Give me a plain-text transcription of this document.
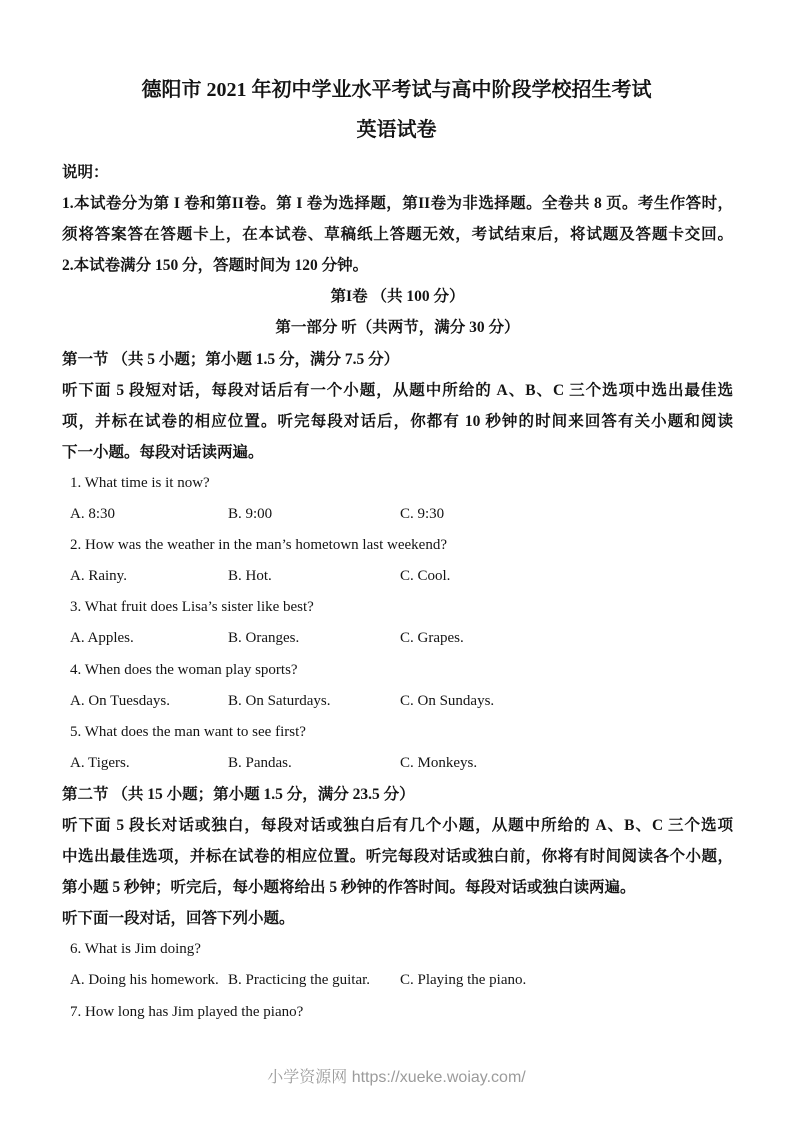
德阳市 2021 年初中学业水平考试与高中阶段学校招生考试
英语试卷
说明：
1.本试卷分为第 I 卷和第II卷。第 I 卷为选择题，第II卷为非选择题。全卷共 8 页。考生作答时，
须将答案答在答题卡上，在本试卷、草稿纸上答题无效，考试结束后，将试题及答题卡交回。
2.本试卷满分 150 分，答题时间为 120 分钟。
第I卷 （共 100 分）
第一部分 听（共两节，满分 30 分）
第一节 （共 5 小题；第小题 1.5 分，满分 7.5 分）
听下面 5 段短对话，每段对话后有一个小题，从题中所给的 A、B、C 三个选项中选出最佳选
项，并标在试卷的相应位置。听完每段对话后，你都有 10 秒钟的时间来回答有关小题和阅读
下一小题。每段对话读两遍。
1. What time is it now?
A. 8:30	B. 9:00	C. 9:30
2. How was the weather in the man’s hometown last weekend?
A. Rainy.	B. Hot.	C. Cool.
3. What fruit does Lisa’s sister like best?
A. Apples.	B. Oranges.	C. Grapes.
4. When does the woman play sports?
A. On Tuesdays.	B. On Saturdays.	C. On Sundays.
5. What does the man want to see first?
A. Tigers.	B. Pandas.	C. Monkeys.
第二节 （共 15 小题；第小题 1.5 分，满分 23.5 分）
听下面 5 段长对话或独白，每段对话或独白后有几个小题，从题中所给的 A、B、C 三个选项
中选出最佳选项，并标在试卷的相应位置。听完每段对话或独白前，你将有时间阅读各个小题，
第小题 5 秒钟；听完后，每小题将给出 5 秒钟的作答时间。每段对话或独白读两遍。
听下面一段对话，回答下列小题。
6. What is Jim doing?
A. Doing his homework. B. Practicing the guitar.	C. Playing the piano.
7. How long has Jim played the piano?
小学资源网 https://xueke.woiay.com/
